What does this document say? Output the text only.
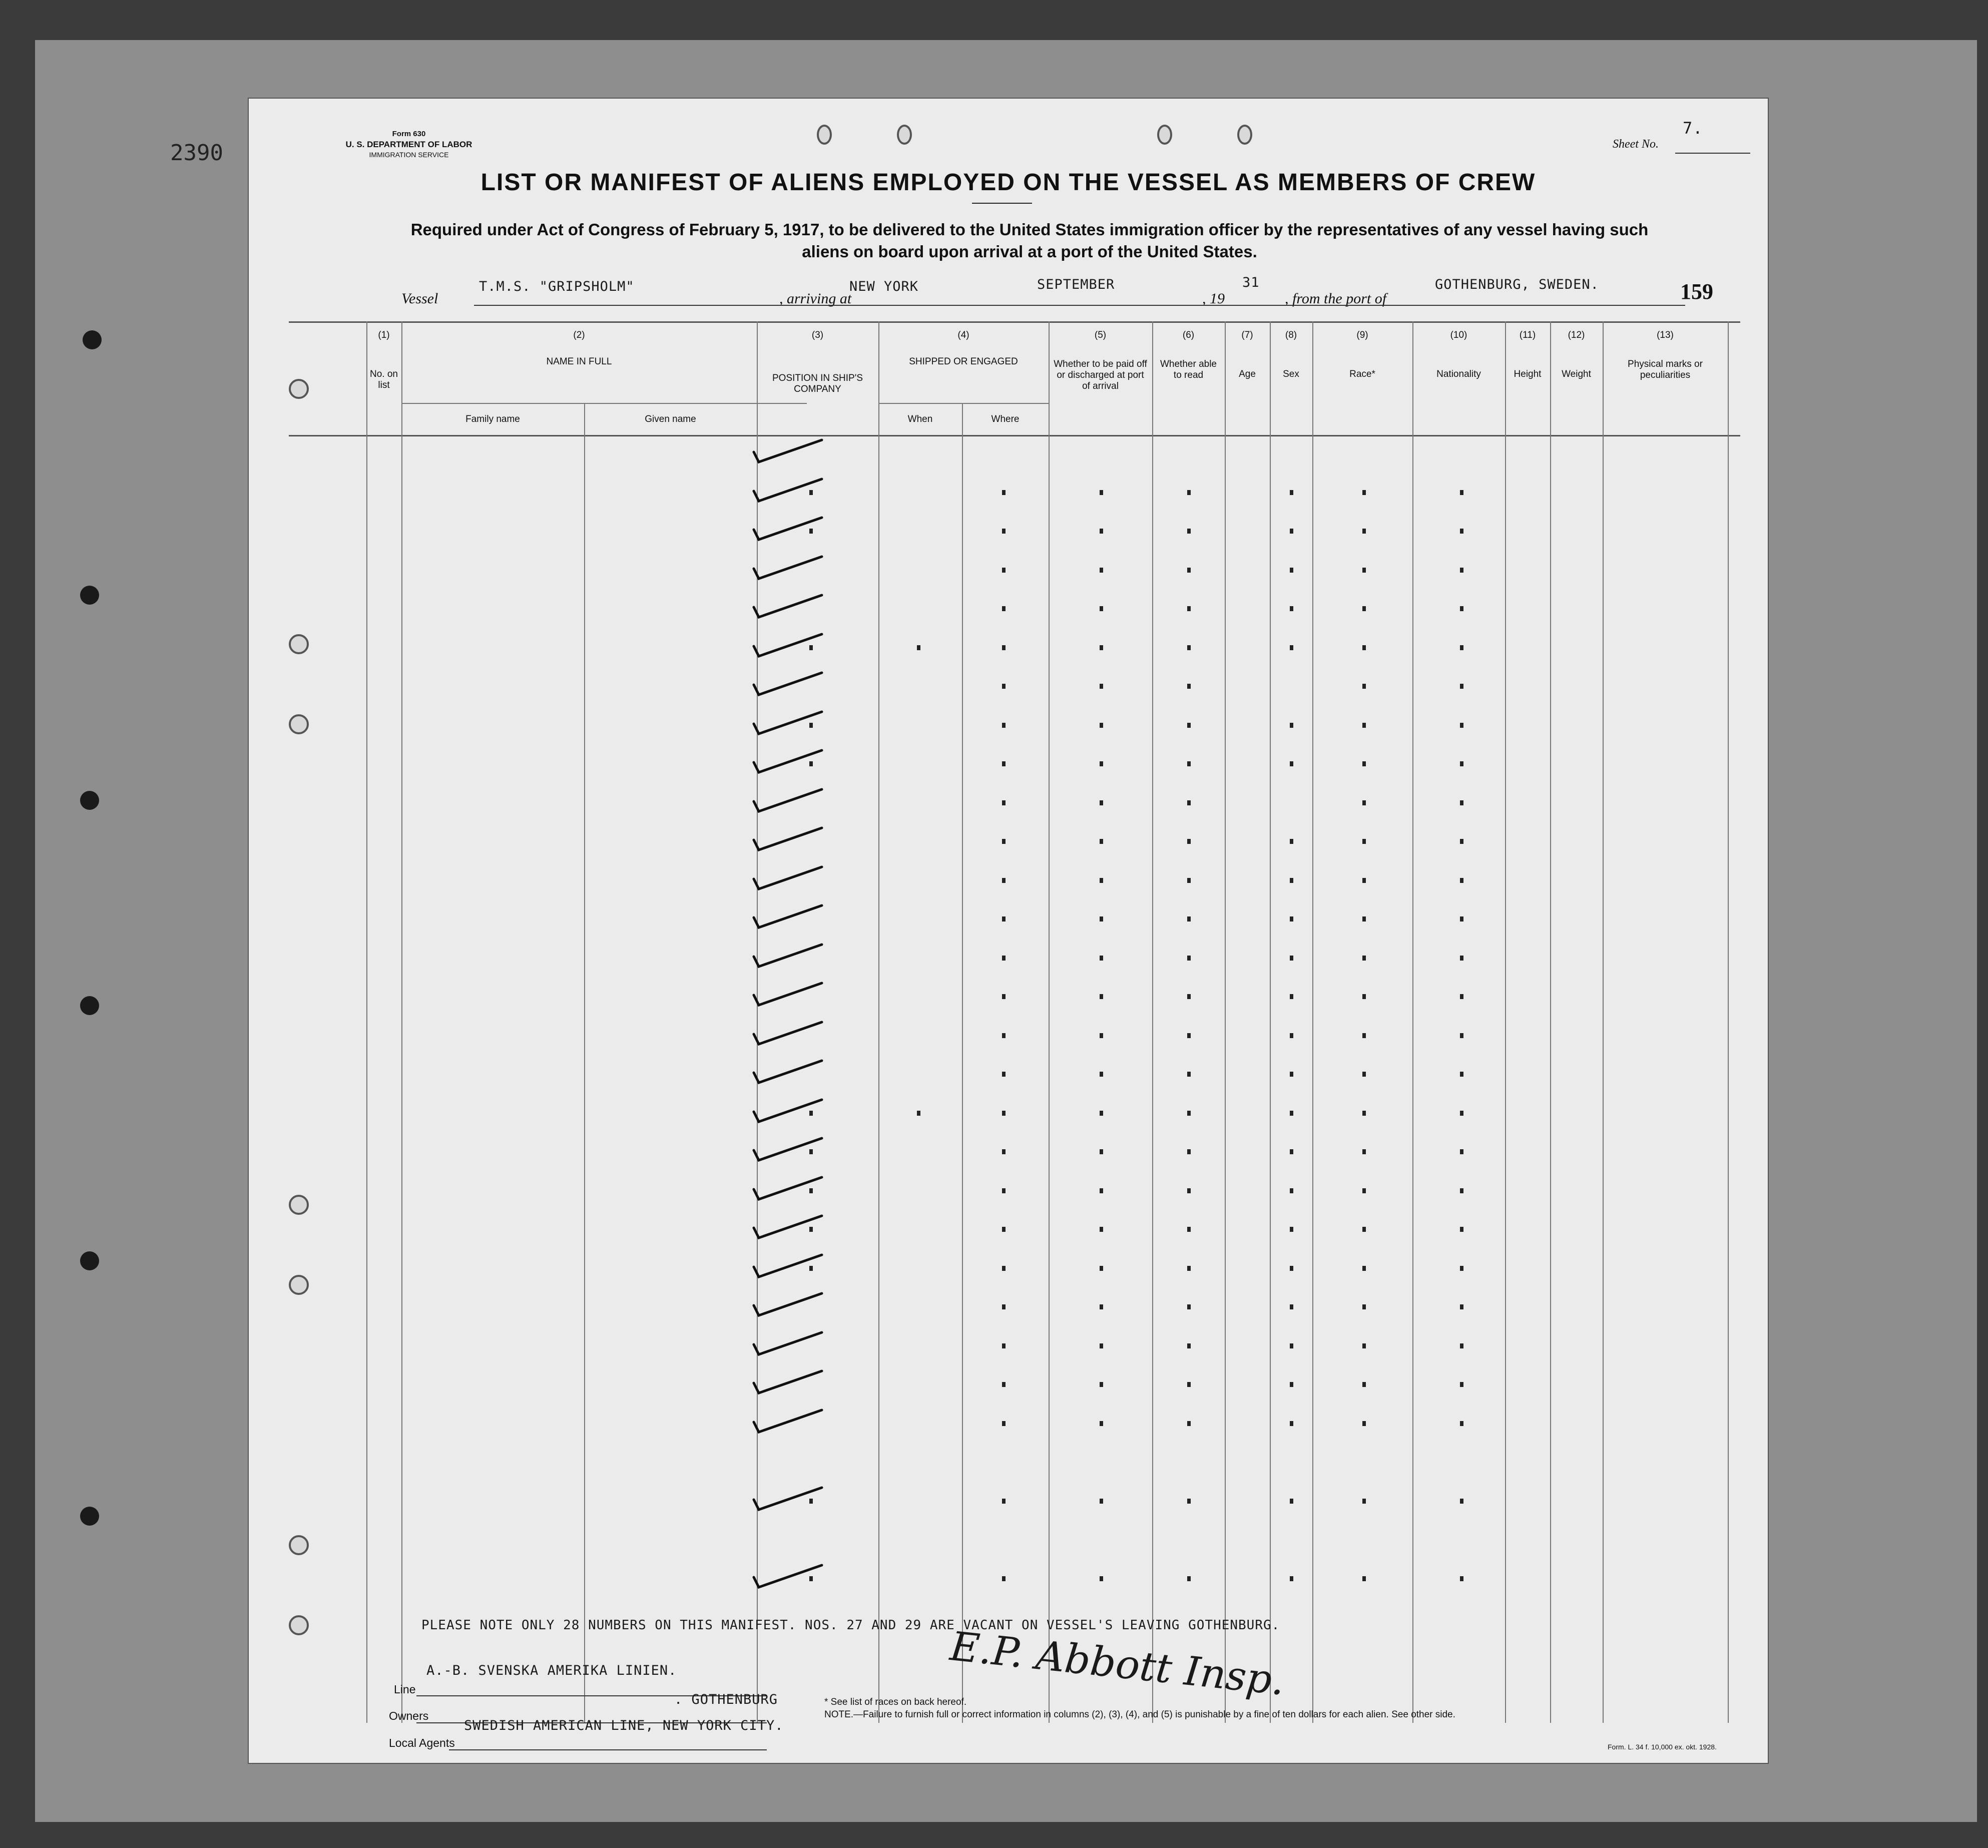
2390
Form 630
U. S. DEPARTMENT OF LABOR
IMMIGRATION SERVICE
Sheet No.
7.
LIST OR MANIFEST OF ALIENS EMPLOYED ON THE VESSEL AS MEMBERS OF CREW
Required under Act of Congress of February 5, 1917, to be delivered to the United States immigration officer by the representatives of any vessel having such aliens on board upon arrival at a port of the United States.
Vessel
T.M.S. "GRIPSHOLM"
, arriving at
NEW YORK	SEPTEMBER
, 19
31
, from the port of
GOTHENBURG, SWEDEN.	159
(1)
No. on list
(2)
NAME IN FULL
Family name	Given name
(3)
POSITION IN SHIP'S COMPANY
(4)
SHIPPED OR ENGAGED
When	Where
(5)
Whether to be paid off or discharged at port of arrival
(6)
Whether able to read
(7)
Age
(8)
Sex
(9)
Race*
(10)
Nationality
(11)
Height
(12)
Weight
(13)
Physical marks or peculiarities
PLEASE NOTE ONLY 28 NUMBERS ON THIS MANIFEST. NOS. 27 AND 29 ARE VACANT ON VESSEL'S LEAVING GOTHENBURG.
A.-B. SVENSKA AMERIKA LINIEN.
Line
. GOTHENBURG
Owners
SWEDISH AMERICAN LINE, NEW YORK CITY.
Local Agents
E.P. Abbott Insp.
* See list of races on back hereof.
NOTE.—Failure to furnish full or correct information in columns (2), (3), (4), and (5) is punishable by a fine of ten dollars for each alien. See other side.
Form. L. 34 f. 10,000 ex. okt. 1928.
